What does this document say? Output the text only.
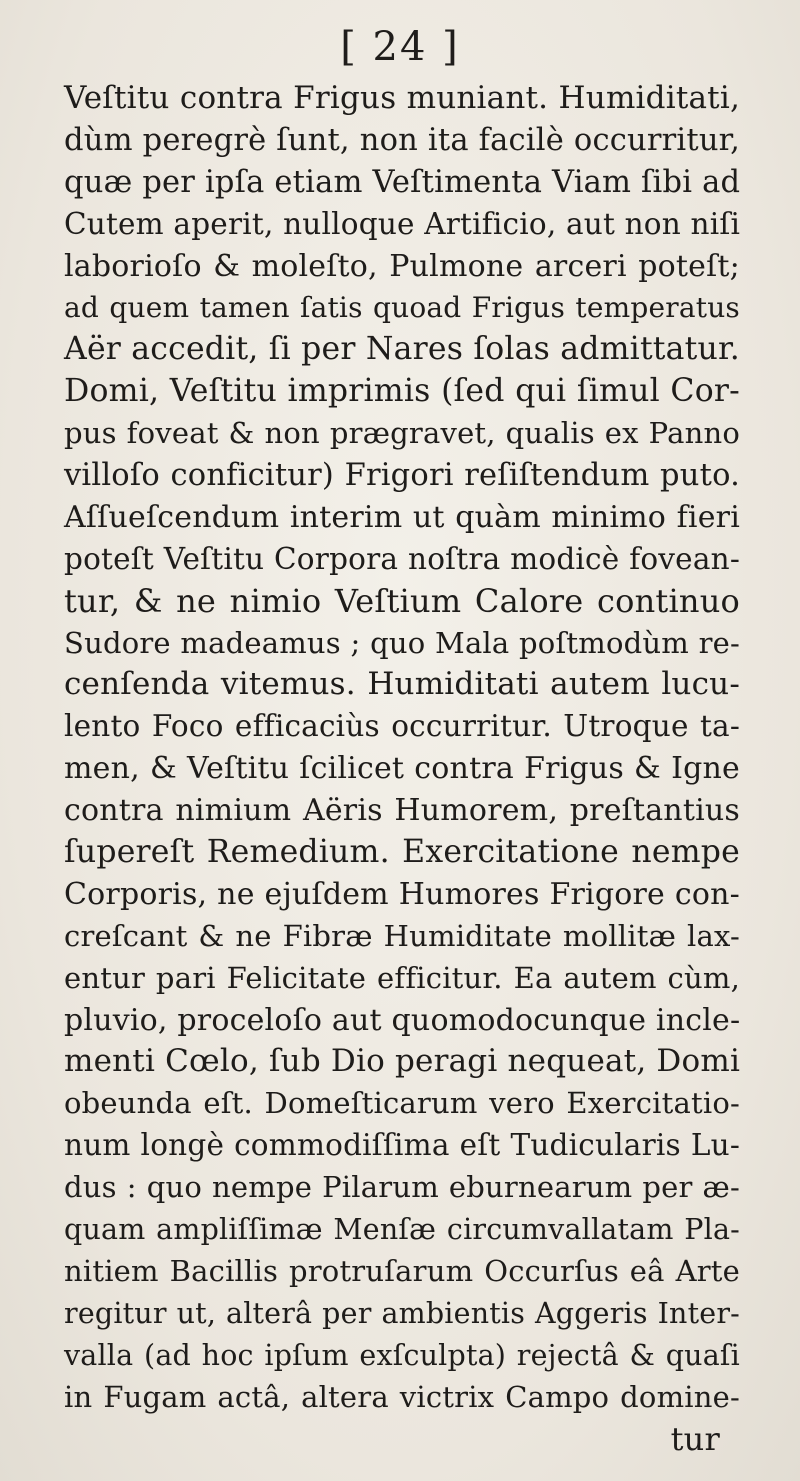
[ 24 ]
Veſtitu contra Frigus muniant. Humiditati,
dùm peregrè ſunt, non ita facilè occurritur,
quæ per ipſa etiam Veſtimenta Viam ſibi ad
Cutem aperit, nulloque Artificio, aut non niſi
laborioſo & moleſto, Pulmone arceri poteſt;
ad quem tamen ſatis quoad Frigus temperatus
Aër accedit, ſi per Nares ſolas admittatur.
Domi, Veſtitu imprimis (ſed qui ſimul Cor-
pus foveat & non prægravet, qualis ex Panno
villoſo conficitur) Frigori reſiſtendum puto.
Aſſueſcendum interim ut quàm minimo fieri
poteſt Veſtitu Corpora noſtra modicè fovean-
tur, & ne nimio Veſtium Calore continuo
Sudore madeamus ; quo Mala poſtmodùm re-
cenſenda vitemus. Humiditati autem lucu-
lento Foco efficaciùs occurritur. Utroque ta-
men, & Veſtitu ſcilicet contra Frigus & Igne
contra nimium Aëris Humorem, preſtantius
ſupereſt Remedium. Exercitatione nempe
Corporis, ne ejuſdem Humores Frigore con-
creſcant & ne Fibræ Humiditate mollitæ lax-
entur pari Felicitate efficitur. Ea autem cùm,
pluvio, proceloſo aut quomodocunque incle-
menti Cœlo, ſub Dio peragi nequeat, Domi
obeunda eſt. Domeſticarum vero Exercitatio-
num longè commodiſſima eſt Tudicularis Lu-
dus : quo nempe Pilarum eburnearum per æ-
quam ampliſſimæ Menſæ circumvallatam Pla-
nitiem Bacillis protruſarum Occurſus eâ Arte
regitur ut, alterâ per ambientis Aggeris Inter-
valla (ad hoc ipſum exſculpta) rejectâ & quaſi
in Fugam actâ, altera victrix Campo domine-
tur
